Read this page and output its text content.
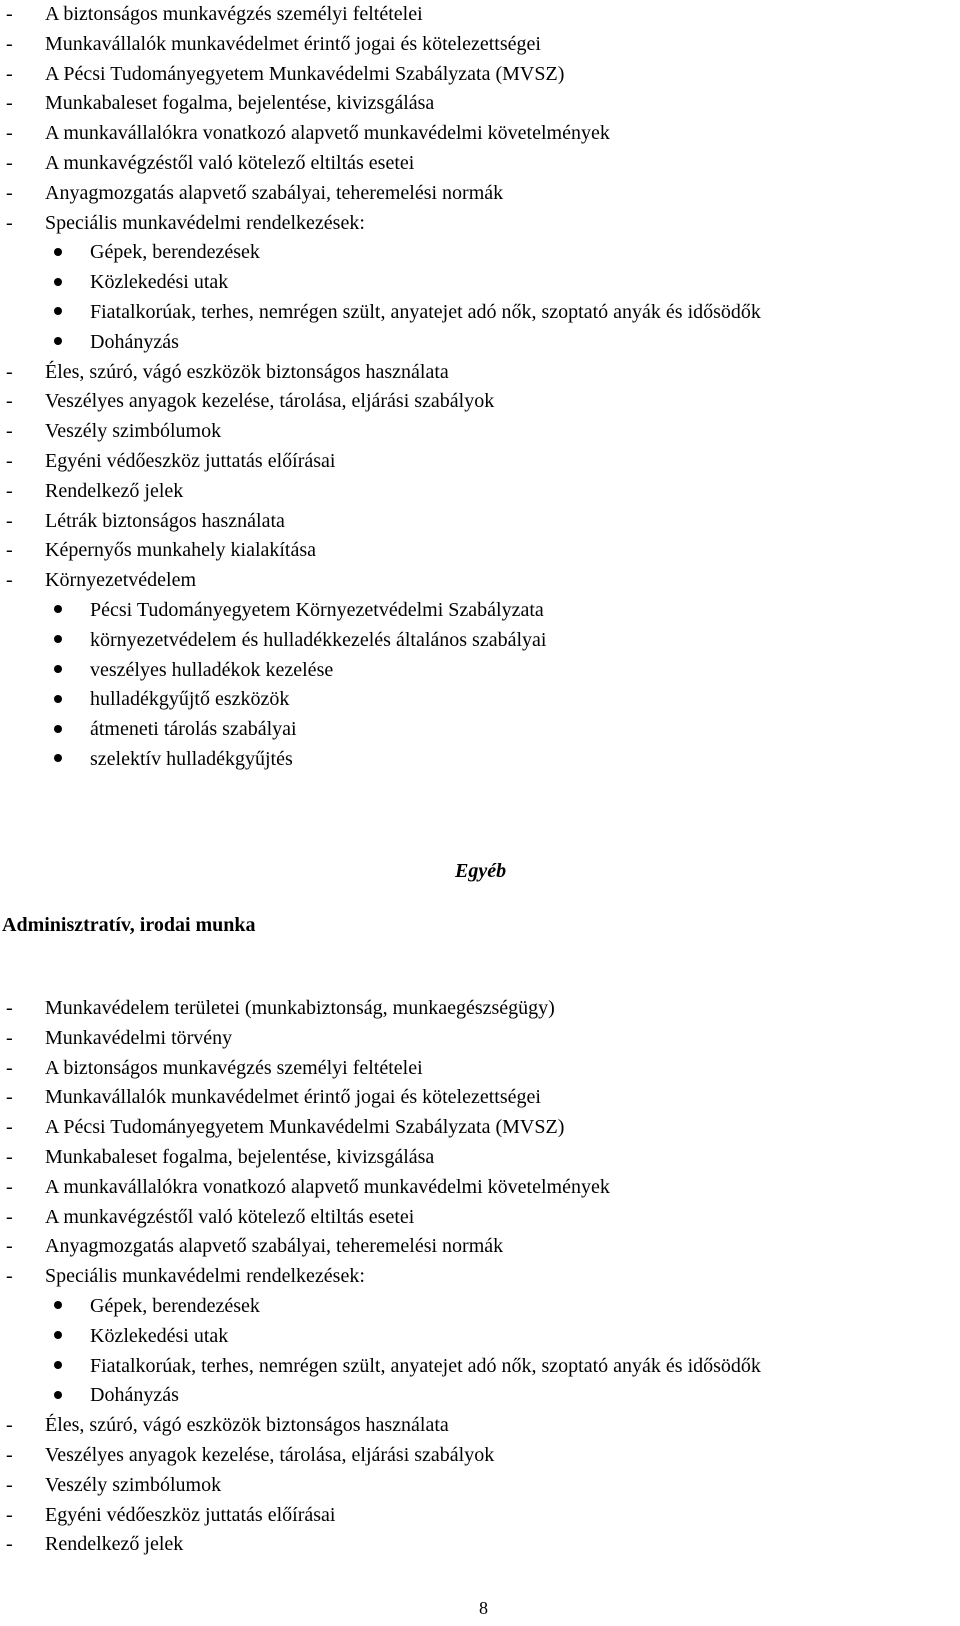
-	A biztonságos munkavégzés személyi feltételei
-	Munkavállalók munkavédelmet érintő jogai és kötelezettségei
-	A Pécsi Tudományegyetem Munkavédelmi Szabályzata (MVSZ)
-	Munkabaleset fogalma, bejelentése, kivizsgálása
-	A munkavállalókra vonatkozó alapvető munkavédelmi követelmények
-	A munkavégzéstől való kötelező eltiltás esetei
-	Anyagmozgatás alapvető szabályai, teheremelési normák
-	Speciális munkavédelmi rendelkezések:
Gépek, berendezések
Közlekedési utak
Fiatalkorúak, terhes, nemrégen szült, anyatejet adó nők, szoptató anyák és idősödők
Dohányzás
-	Éles, szúró, vágó eszközök biztonságos használata
-	Veszélyes anyagok kezelése, tárolása, eljárási szabályok
-	Veszély szimbólumok
-	Egyéni védőeszköz juttatás előírásai
-	Rendelkező jelek
-	Létrák biztonságos használata
-	Képernyős munkahely kialakítása
-	Környezetvédelem
Pécsi Tudományegyetem Környezetvédelmi Szabályzata
környezetvédelem és hulladékkezelés általános szabályai
veszélyes hulladékok kezelése
hulladékgyűjtő eszközök
átmeneti tárolás szabályai
szelektív hulladékgyűjtés
Egyéb
Adminisztratív, irodai munka
-	Munkavédelem területei (munkabiztonság, munkaegészségügy)
-	Munkavédelmi törvény
-	A biztonságos munkavégzés személyi feltételei
-	Munkavállalók munkavédelmet érintő jogai és kötelezettségei
-	A Pécsi Tudományegyetem Munkavédelmi Szabályzata (MVSZ)
-	Munkabaleset fogalma, bejelentése, kivizsgálása
-	A munkavállalókra vonatkozó alapvető munkavédelmi követelmények
-	A munkavégzéstől való kötelező eltiltás esetei
-	Anyagmozgatás alapvető szabályai, teheremelési normák
-	Speciális munkavédelmi rendelkezések:
Gépek, berendezések
Közlekedési utak
Fiatalkorúak, terhes, nemrégen szült, anyatejet adó nők, szoptató anyák és idősödők
Dohányzás
-	Éles, szúró, vágó eszközök biztonságos használata
-	Veszélyes anyagok kezelése, tárolása, eljárási szabályok
-	Veszély szimbólumok
-	Egyéni védőeszköz juttatás előírásai
-	Rendelkező jelek
8
